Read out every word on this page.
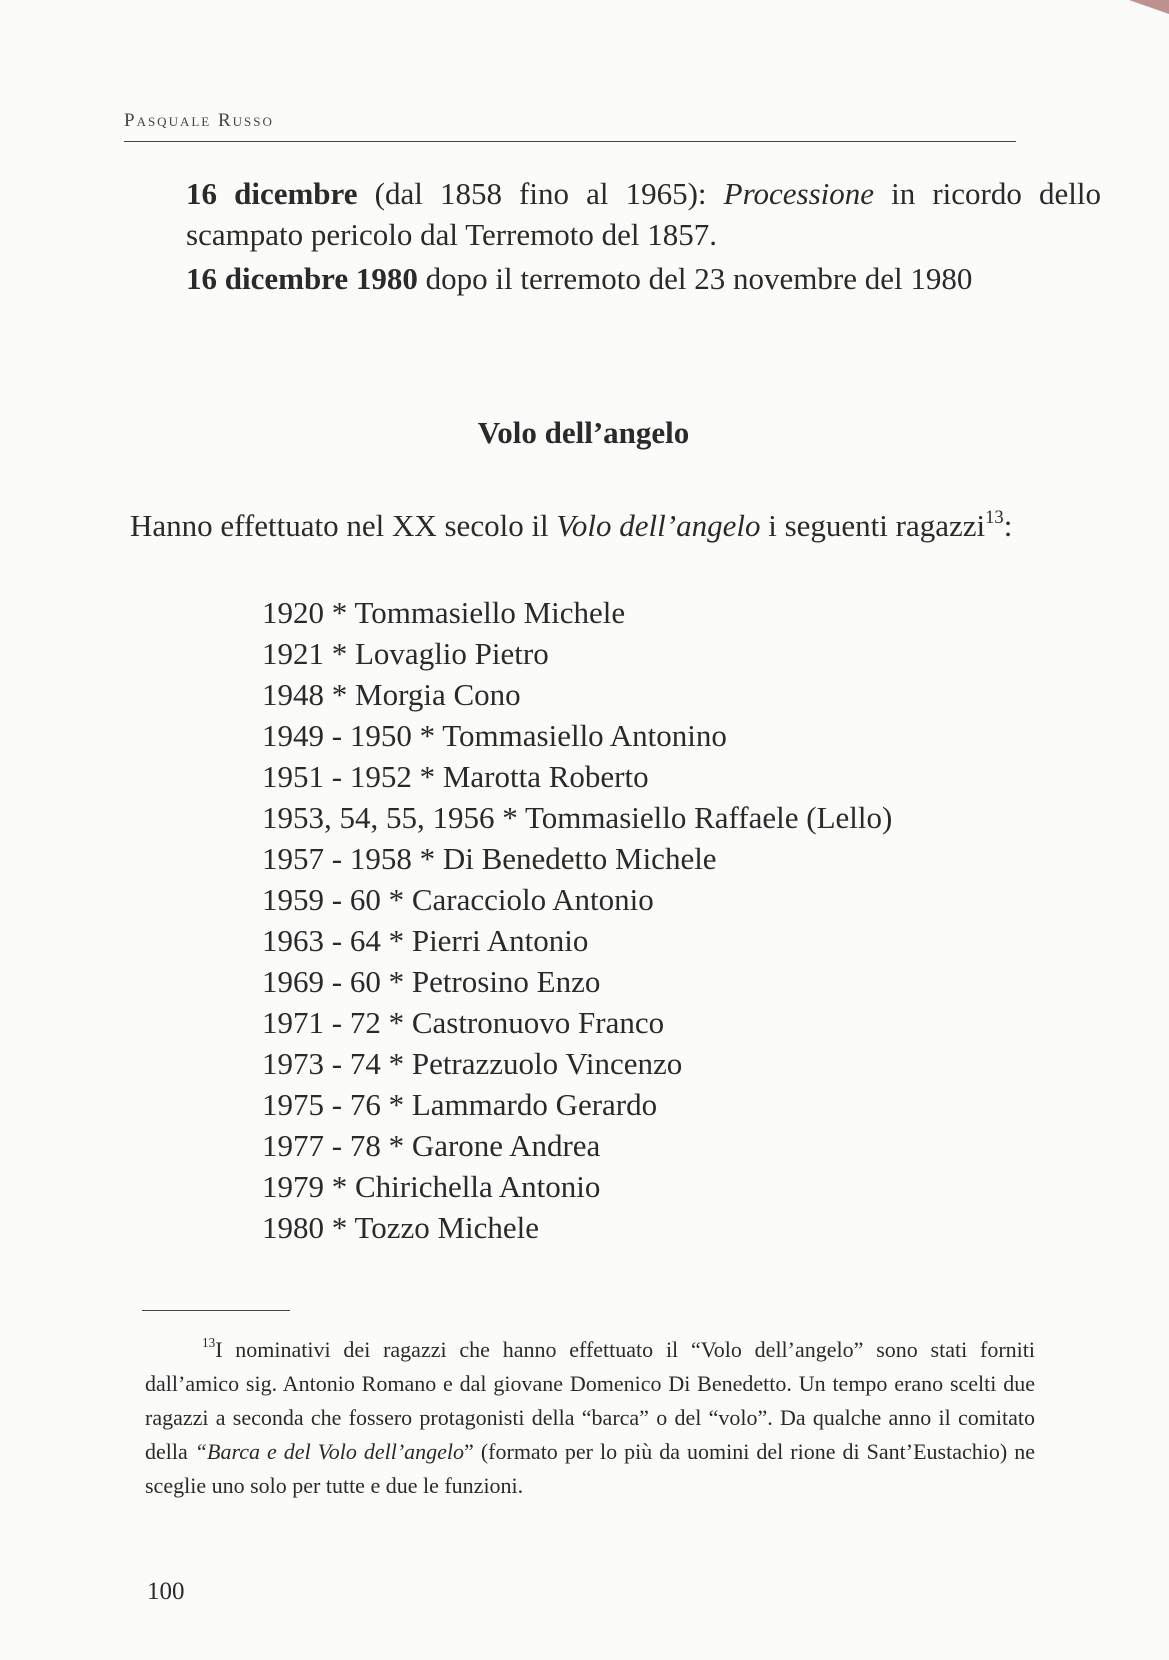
Pasquale Russo
16 dicembre (dal 1858 fino al 1965): Processione in ricordo dello scampato pericolo dal Terremoto del 1857.
16 dicembre 1980 dopo il terremoto del 23 novembre del 1980
Volo dell’angelo
Hanno effettuato nel XX secolo il Volo dell’angelo i seguenti ragazzi$^{13}$:
1920 * Tommasiello Michele
1921 * Lovaglio Pietro
1948 * Morgia Cono
1949 - 1950 * Tommasiello Antonino
1951 - 1952 * Marotta Roberto
1953, 54, 55, 1956 * Tommasiello Raffaele (Lello)
1957 - 1958 * Di Benedetto Michele
1959 - 60 * Caracciolo Antonio
1963 - 64 * Pierri Antonio
1969 - 60 * Petrosino Enzo
1971 - 72 * Castronuovo Franco
1973 - 74 * Petrazzuolo Vincenzo
1975 - 76 * Lammardo Gerardo
1977 - 78 * Garone Andrea
1979 * Chirichella Antonio
1980 * Tozzo Michele
$^{13}$I nominativi dei ragazzi che hanno effettuato il “Volo dell’angelo” sono stati forniti dall’amico sig. Antonio Romano e dal giovane Domenico Di Benedetto. Un tempo erano scelti due ragazzi a seconda che fossero protagonisti della “barca” o del “volo”. Da qualche anno il comitato della “Barca e del Volo dell’angelo” (formato per lo più da uomini del rione di Sant’Eustachio) ne sceglie uno solo per tutte e due le funzioni.
100
